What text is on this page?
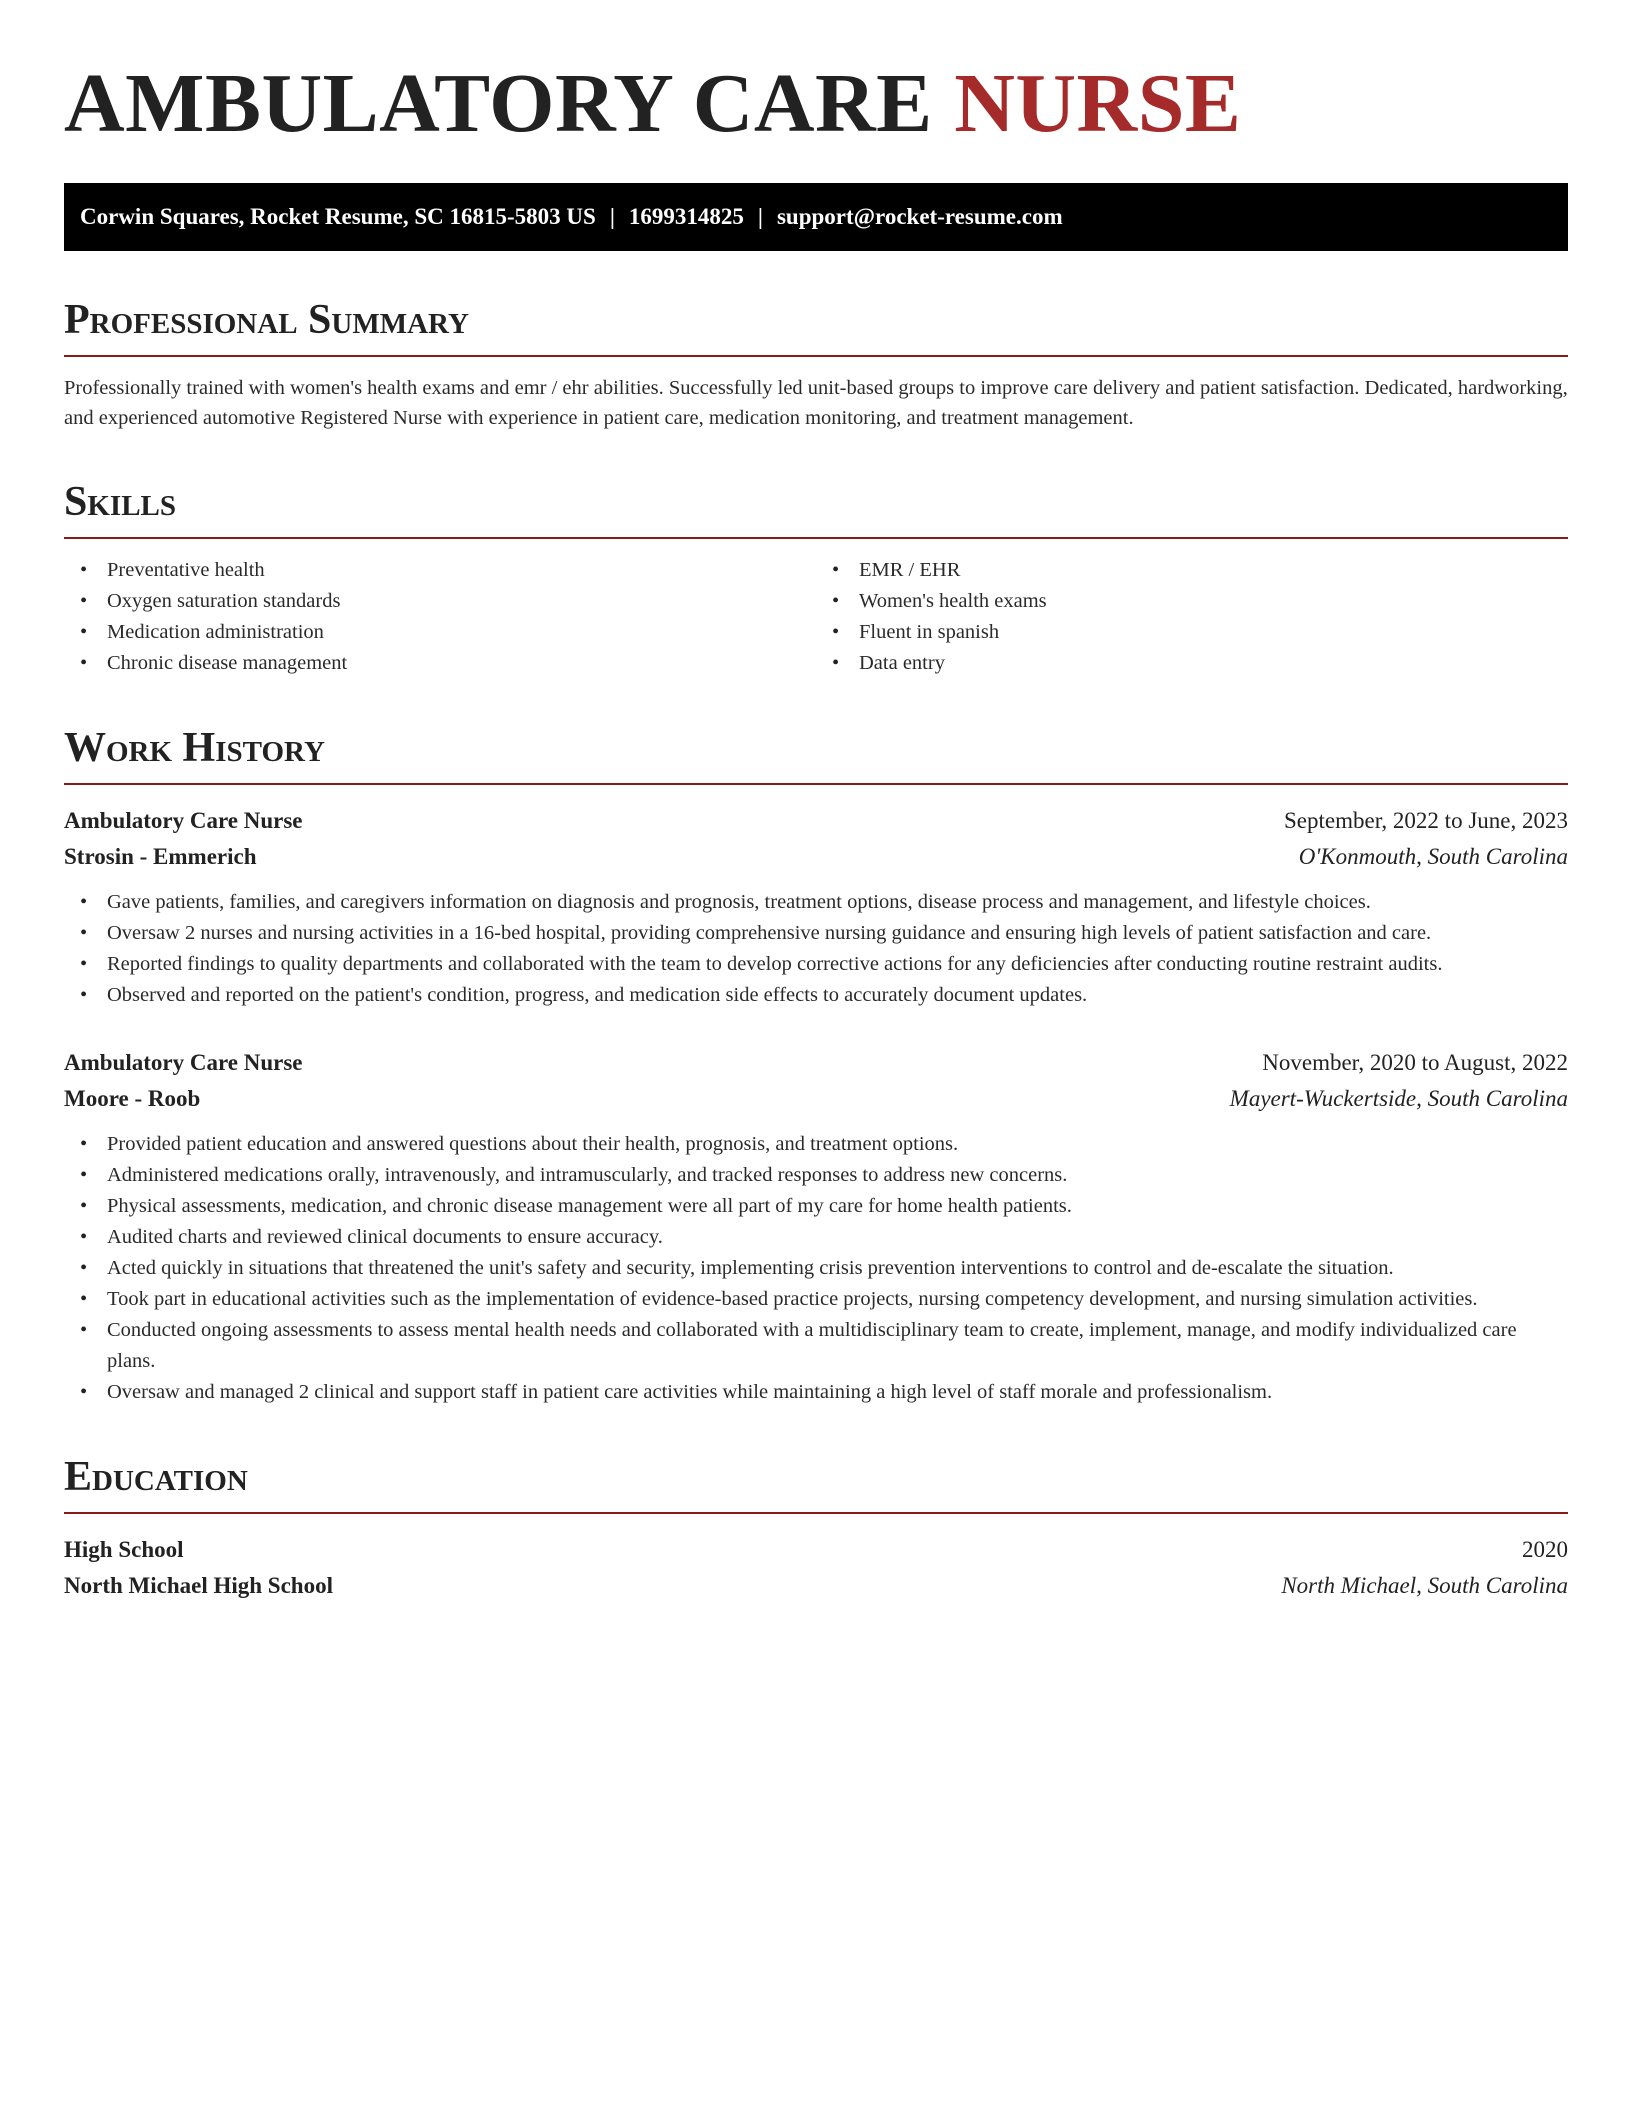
AMBULATORY CARE NURSE
Corwin Squares, Rocket Resume, SC 16815-5803 US | 1699314825 | support@rocket-resume.com
Professional Summary

Professionally trained with women's health exams and emr / ehr abilities. Successfully led unit-based groups to improve care delivery and patient satisfaction. Dedicated, hardworking, and experienced automotive Registered Nurse with experience in patient care, medication monitoring, and treatment management.

Skills
• Preventative health
• Oxygen saturation standards
• Medication administration
• Chronic disease management
• EMR / EHR
• Women's health exams
• Fluent in spanish
• Data entry
Work History
Ambulatory Care Nurse	September, 2022 to June, 2023
Strosin - Emmerich	O'Konmouth, South Carolina
• Gave patients, families, and caregivers information on diagnosis and prognosis, treatment options, disease process and management, and lifestyle choices.
• Oversaw 2 nurses and nursing activities in a 16-bed hospital, providing comprehensive nursing guidance and ensuring high levels of patient satisfaction and care.
• Reported findings to quality departments and collaborated with the team to develop corrective actions for any deficiencies after conducting routine restraint audits.
• Observed and reported on the patient's condition, progress, and medication side effects to accurately document updates.
Ambulatory Care Nurse	November, 2020 to August, 2022
Moore - Roob	Mayert-Wuckertside, South Carolina
• Provided patient education and answered questions about their health, prognosis, and treatment options.
• Administered medications orally, intravenously, and intramuscularly, and tracked responses to address new concerns.
• Physical assessments, medication, and chronic disease management were all part of my care for home health patients.
• Audited charts and reviewed clinical documents to ensure accuracy.
• Acted quickly in situations that threatened the unit's safety and security, implementing crisis prevention interventions to control and de-escalate the situation.
• Took part in educational activities such as the implementation of evidence-based practice projects, nursing competency development, and nursing simulation activities.
• Conducted ongoing assessments to assess mental health needs and collaborated with a multidisciplinary team to create, implement, manage, and modify individualized care plans.
• Oversaw and managed 2 clinical and support staff in patient care activities while maintaining a high level of staff morale and professionalism.
Education
High School	2020
North Michael High School	North Michael, South Carolina
